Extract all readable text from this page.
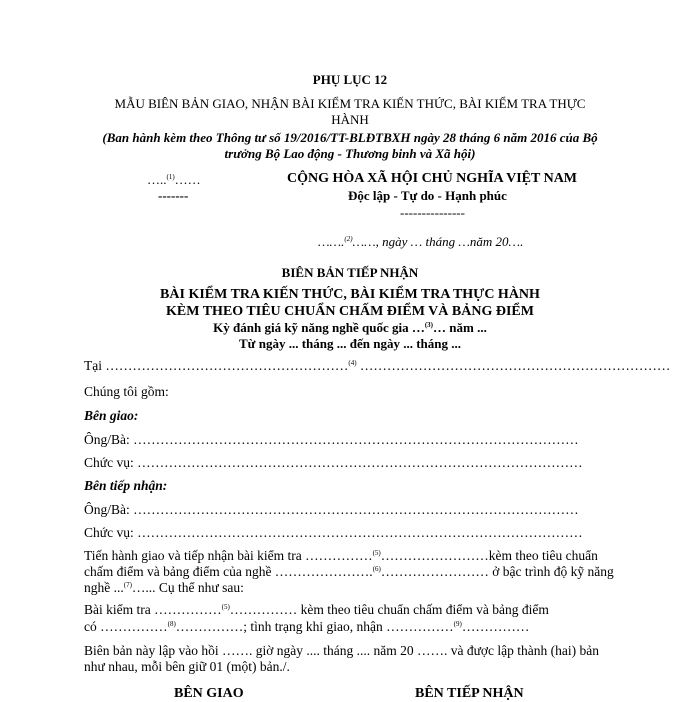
PHỤ LỤC 12
MẪU BIÊN BẢN GIAO, NHẬN BÀI KIỂM TRA KIẾN THỨC, BÀI KIỂM TRA THỰC
HÀNH
(Ban hành kèm theo Thông tư số 19/2016/TT-BLĐTBXH ngày 28 tháng 6 năm 2016 của Bộ
trưởng Bộ Lao động - Thương binh và Xã hội)
…..$^{(1)}$……
-------
CỘNG HÒA XÃ HỘI CHỦ NGHĨA VIỆT NAM
Độc lập - Tự do - Hạnh phúc
---------------
…….$^{(2)}$……, ngày … tháng …năm 20….
BIÊN BẢN TIẾP NHẬN
BÀI KIỂM TRA KIẾN THỨC, BÀI KIỂM TRA THỰC HÀNH
KÈM THEO TIÊU CHUẨN CHẤM ĐIỂM VÀ BẢNG ĐIỂM
Kỳ đánh giá kỹ năng nghề quốc gia …$^{(3)}$… năm ...
Từ ngày ... tháng ... đến ngày ... tháng ...
Tại ………………………………………………$^{(4)}$ ……………………………………………………………
Chúng tôi gồm:
Bên giao:
Ông/Bà: ………………………………………………………………………………………
Chức vụ: ………………………………………………………………………………………
Bên tiếp nhận:
Ông/Bà: ………………………………………………………………………………………
Chức vụ: ………………………………………………………………………………………
Tiến hành giao và tiếp nhận bài kiểm tra ……………$^{(5)}$……………………kèm theo tiêu chuẩn
chấm điểm và bảng điểm của nghề ………………….$^{(6)}$…………………… ở bậc trình độ kỹ năng
nghề ...$^{(7)}$…... Cụ thể như sau:
Bài kiểm tra ……………$^{(5)}$…………… kèm theo tiêu chuẩn chấm điểm và bảng điểm
có ……………$^{(8)}$……………; tình trạng khi giao, nhận ……………$^{(9)}$……………
Biên bản này lập vào hồi ……. giờ ngày .... tháng .... năm 20 ……. và được lập thành (hai) bản
như nhau, mỗi bên giữ 01 (một) bản./.
BÊN GIAO	BÊN TIẾP NHẬN
